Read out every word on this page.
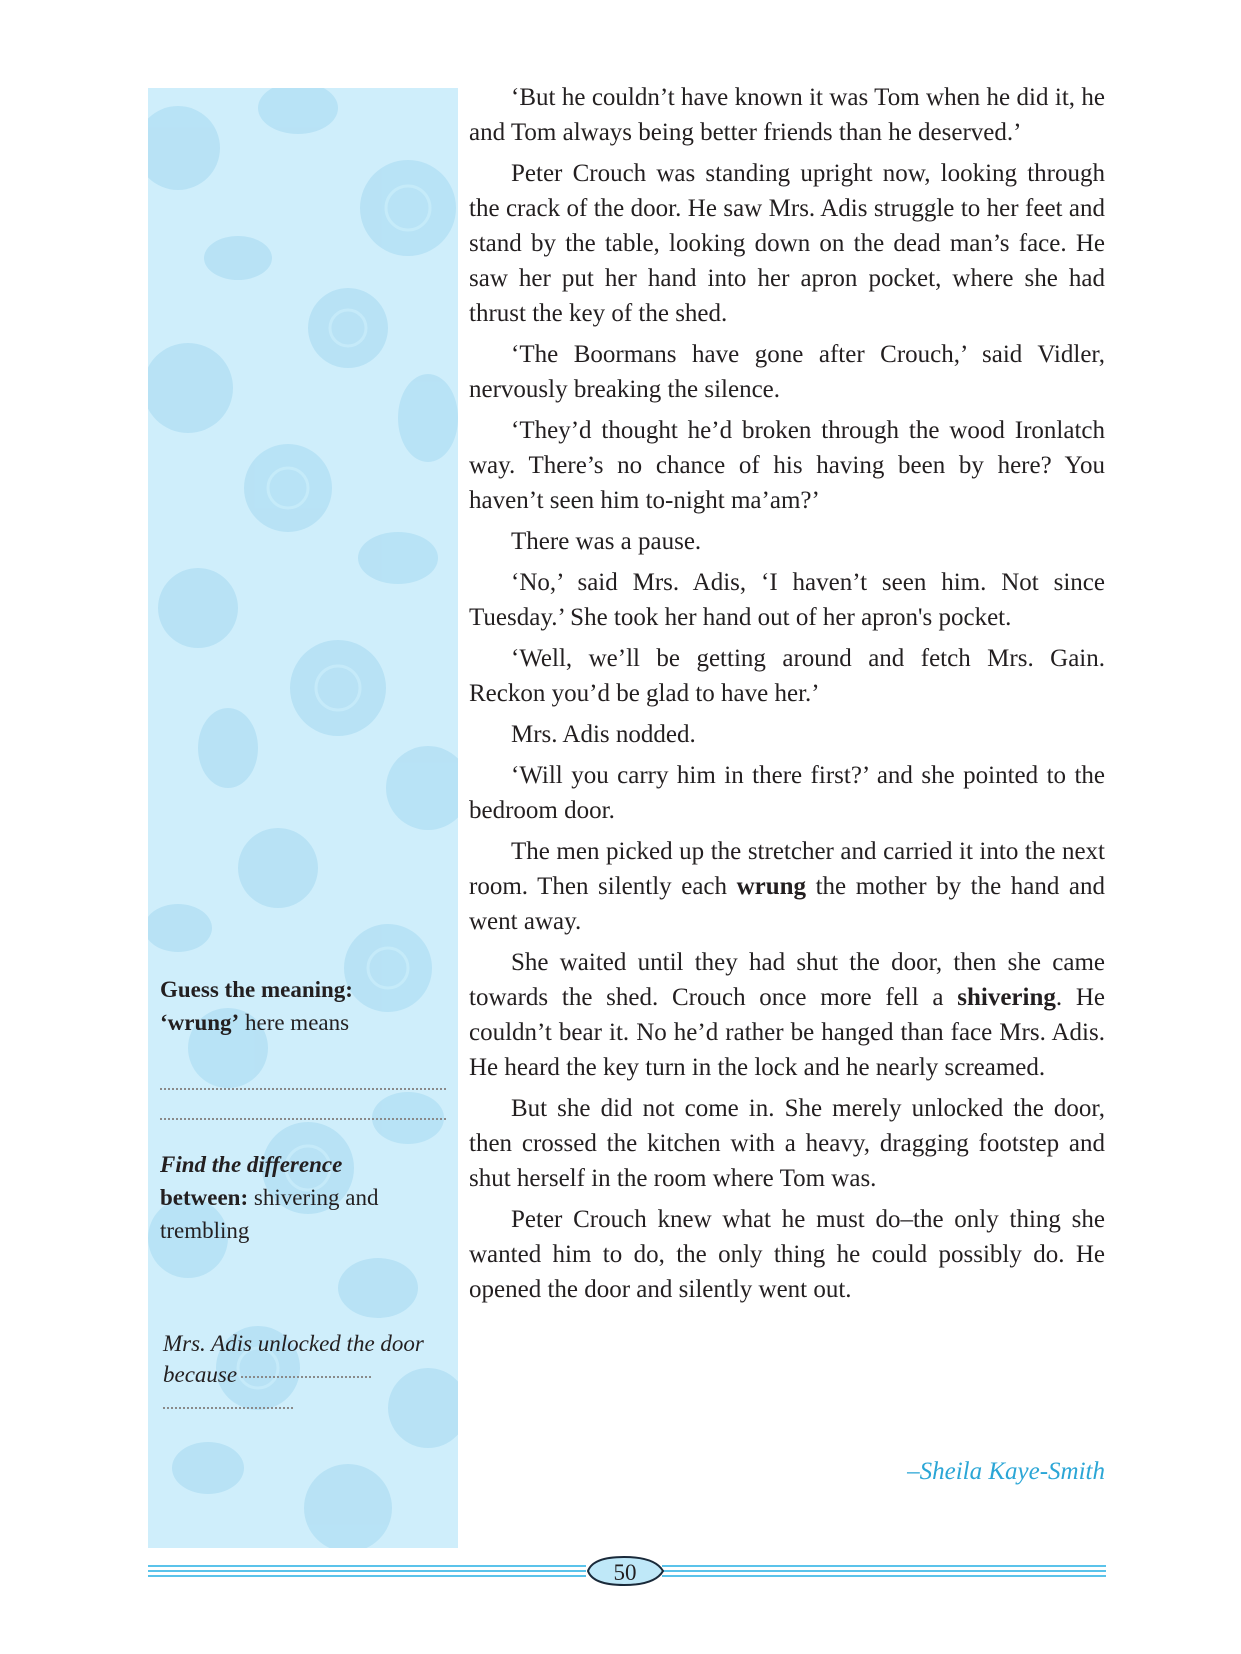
Guess the meaning:
‘wrung’ here means
Find the difference
between: shivering and trembling
Mrs. Adis unlocked the door because

‘But he couldn’t have known it was Tom when he did it, he and Tom always being better friends than he deserved.’

Peter Crouch was standing upright now, looking through the crack of the door. He saw Mrs. Adis struggle to her feet and stand by the table, looking down on the dead man’s face. He saw her put her hand into her apron pocket, where she had thrust the key of the shed.

‘The Boormans have gone after Crouch,’ said Vidler, nervously breaking the silence.

‘They’d thought he’d broken through the wood Ironlatch way. There’s no chance of his having been by here? You haven’t seen him to-night ma’am?’

There was a pause.

‘No,’ said Mrs. Adis, ‘I haven’t seen him. Not since Tuesday.’ She took her hand out of her apron's pocket.

‘Well, we’ll be getting around and fetch Mrs. Gain. Reckon you’d be glad to have her.’

Mrs. Adis nodded.

‘Will you carry him in there first?’ and she pointed to the bedroom door.

The men picked up the stretcher and carried it into the next room. Then silently each wrung the mother by the hand and went away.

She waited until they had shut the door, then she came towards the shed. Crouch once more fell a shivering. He couldn’t bear it. No he’d rather be hanged than face Mrs. Adis. He heard the key turn in the lock and he nearly screamed.

But she did not come in. She merely unlocked the door, then crossed the kitchen with a heavy, dragging footstep and shut herself in the room where Tom was.

Peter Crouch knew what he must do–the only thing she wanted him to do, the only thing he could possibly do. He opened the door and silently went out.

–Sheila Kaye-Smith
50
